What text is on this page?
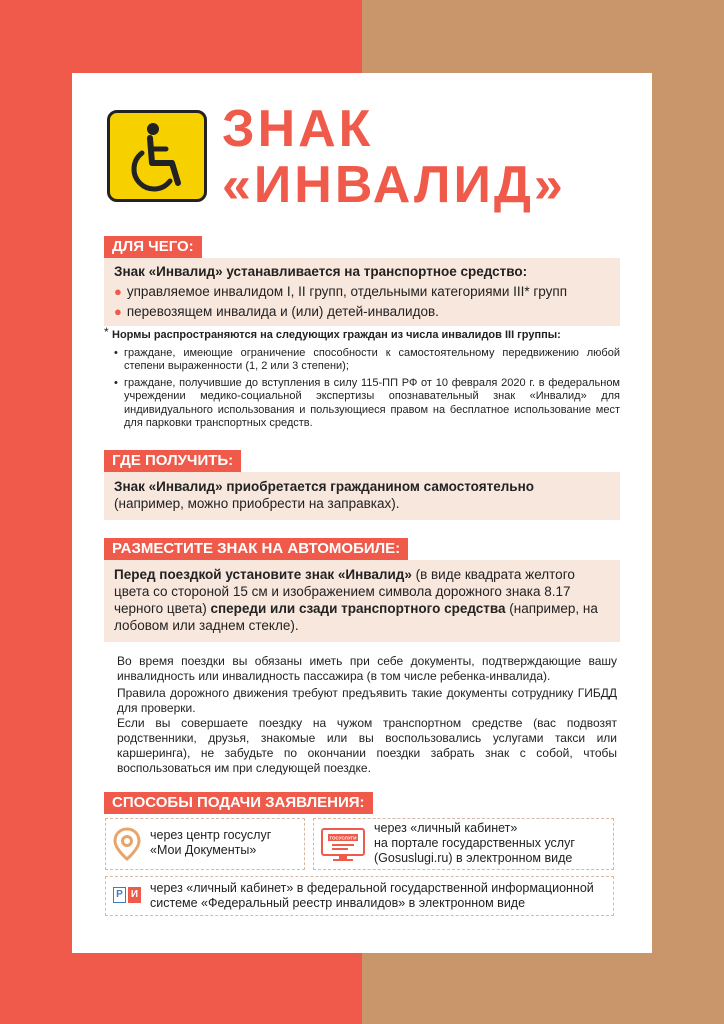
ЗНАК
«ИНВАЛИД»
ДЛЯ ЧЕГО:
Знак «Инвалид» устанавливается на транспортное средство:
● управляемое инвалидом I, II групп, отдельными категориями III* групп
● перевозящем инвалида и (или) детей-инвалидов.
* Нормы распространяются на следующих граждан из числа инвалидов III группы:
• граждане, имеющие ограничение способности к самостоятельному передвижению любой степени выраженности (1, 2 или 3 степени);
• граждане, получившие до вступления в силу 115-ПП РФ от 10 февраля 2020 г. в федеральном учреждении медико-социальной экспертизы опознавательный знак «Инвалид» для индивидуального использования и пользующиеся правом на бесплатное использование мест для парковки транспортных средств.
ГДЕ ПОЛУЧИТЬ:
Знак «Инвалид» приобретается гражданином самостоятельно
(например, можно приобрести на заправках).
РАЗМЕСТИТЕ ЗНАК НА АВТОМОБИЛЕ:
Перед поездкой установите знак «Инвалид» (в виде квадрата желтого цвета со стороной 15 см и изображением символа дорожного знака 8.17 черного цвета) спереди или сзади транспортного средства (например, на лобовом или заднем стекле).
Во время поездки вы обязаны иметь при себе документы, подтверждающие вашу инвалидность или инвалидность пассажира (в том числе ребенка-инвалида).
Правила дорожного движения требуют предъявить такие документы сотруднику ГИБДД для проверки.
Если вы совершаете поездку на чужом транспортном средстве (вас подвозят родственники, друзья, знакомые или вы воспользовались услугами такси или каршеринга), не забудьте по окончании поездки забрать знак с собой, чтобы воспользоваться им при следующей поездке.
СПОСОБЫ ПОДАЧИ ЗАЯВЛЕНИЯ:
через центр госуслуг
«Мои Документы»
ГОСУСЛУГИ
через «личный кабинет»
на портале государственных услуг
(Gosuslugi.ru) в электронном виде
Р И через «личный кабинет» в федеральной государственной информационной
системе «Федеральный реестр инвалидов» в электронном виде
